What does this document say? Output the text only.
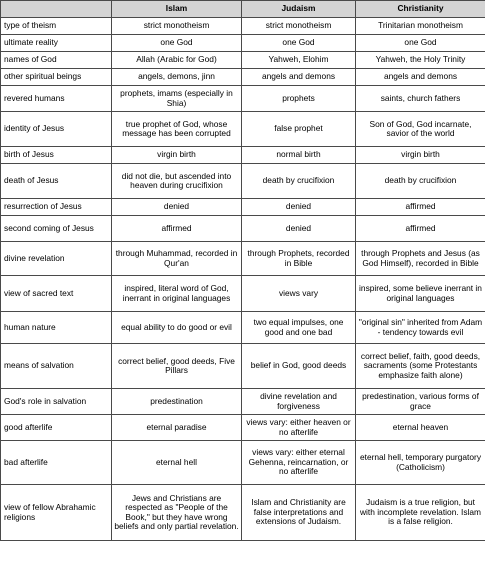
	Islam	Judaism	Christianity
type of theism	strict monotheism	strict monotheism	Trinitarian monotheism
ultimate reality	one God	one God	one God
names of God	Allah (Arabic for God)	Yahweh, Elohim	Yahweh, the Holy Trinity
other spiritual beings	angels, demons, jinn	angels and demons	angels and demons
revered humans	prophets, imams (especially in Shia)	prophets	saints, church fathers
identity of Jesus	true prophet of God, whose message has been corrupted	false prophet	Son of God, God incarnate, savior of the world
birth of Jesus	virgin birth	normal birth	virgin birth
death of Jesus	did not die, but ascended into heaven during crucifixion	death by crucifixion	death by crucifixion
resurrection of Jesus	denied	denied	affirmed
second coming of Jesus	affirmed	denied	affirmed
divine revelation	through Muhammad, recorded in Qur'an	through Prophets, recorded in Bible	through Prophets and Jesus (as God Himself), recorded in Bible
view of sacred text	inspired, literal word of God, inerrant in original languages	views vary	inspired, some believe inerrant in original languages
human nature	equal ability to do good or evil	two equal impulses, one good and one bad	"original sin" inherited from Adam - tendency towards evil
means of salvation	correct belief, good deeds, Five Pillars	belief in God, good deeds	correct belief, faith, good deeds, sacraments (some Protestants emphasize faith alone)
God's role in salvation	predestination	divine revelation and forgiveness	predestination, various forms of grace
good afterlife	eternal paradise	views vary: either heaven or no afterlife	eternal heaven
bad afterlife	eternal hell	views vary: either eternal Gehenna, reincarnation, or no afterlife	eternal hell, temporary purgatory (Catholicism)
view of fellow Abrahamic religions	Jews and Christians are respected as "People of the Book," but they have wrong beliefs and only partial revelation.	Islam and Christianity are false interpretations and extensions of Judaism.	Judaism is a true religion, but with incomplete revelation. Islam is a false religion.
